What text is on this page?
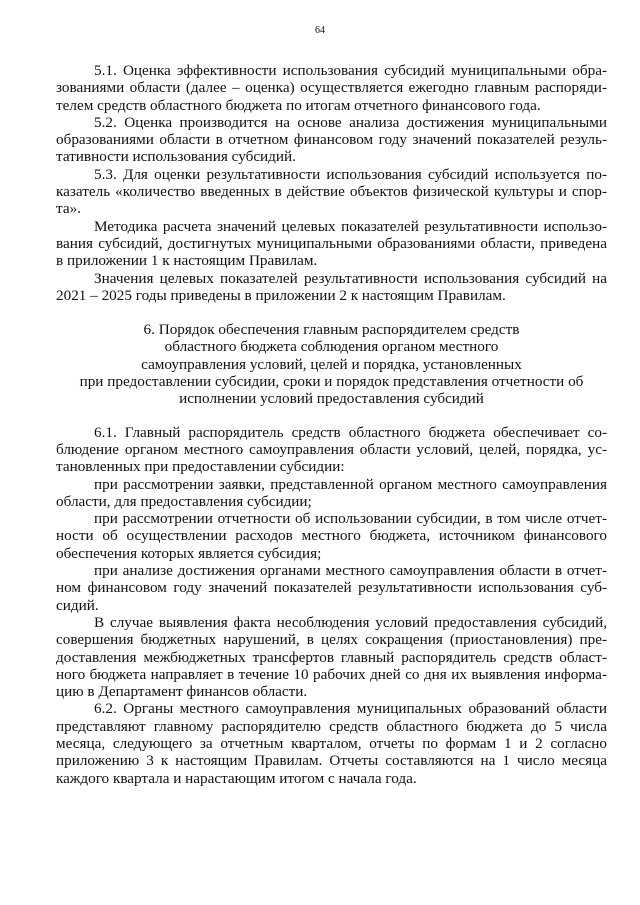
64

5.1. Оценка эффективности использования субсидий муниципальными образованиями области (далее – оценка) осуществляется ежегодно главным распорядителем средств областного бюджета по итогам отчетного финансового года.

5.2. Оценка производится на основе анализа достижения муниципальными образованиями области в отчетном финансовом году значений показателей результативности использования субсидий.

5.3. Для оценки результативности использования субсидий используется показатель «количество введенных в действие объектов физической культуры и спорта».

Методика расчета значений целевых показателей результативности использования субсидий, достигнутых муниципальными образованиями области, приведена в приложении 1 к настоящим Правилам.

Значения целевых показателей результативности использования субсидий на 2021 – 2025 годы приведены в приложении 2 к настоящим Правилам.

6. Порядок обеспечения главным распорядителем средств
областного бюджета соблюдения органом местного
самоуправления условий, целей и порядка, установленных
при предоставлении субсидии, сроки и порядок представления отчетности об
исполнении условий предоставления субсидий

6.1. Главный распорядитель средств областного бюджета обеспечивает соблюдение органом местного самоуправления области условий, целей, порядка, установленных при предоставлении субсидии:

при рассмотрении заявки, представленной органом местного самоуправления области, для предоставления субсидии;

при рассмотрении отчетности об использовании субсидии, в том числе отчетности об осуществлении расходов местного бюджета, источником финансового обеспечения которых является субсидия;

при анализе достижения органами местного самоуправления области в отчетном финансовом году значений показателей результативности использования субсидий.

В случае выявления факта несоблюдения условий предоставления субсидий, совершения бюджетных нарушений, в целях сокращения (приостановления) предоставления межбюджетных трансфертов главный распорядитель средств областного бюджета направляет в течение 10 рабочих дней со дня их выявления информацию в Департамент финансов области.

6.2. Органы местного самоуправления муниципальных образований области представляют главному распорядителю средств областного бюджета до 5 числа месяца, следующего за отчетным кварталом, отчеты по формам 1 и 2 согласно приложению 3 к настоящим Правилам. Отчеты составляются на 1 число месяца каждого квартала и нарастающим итогом с начала года.
